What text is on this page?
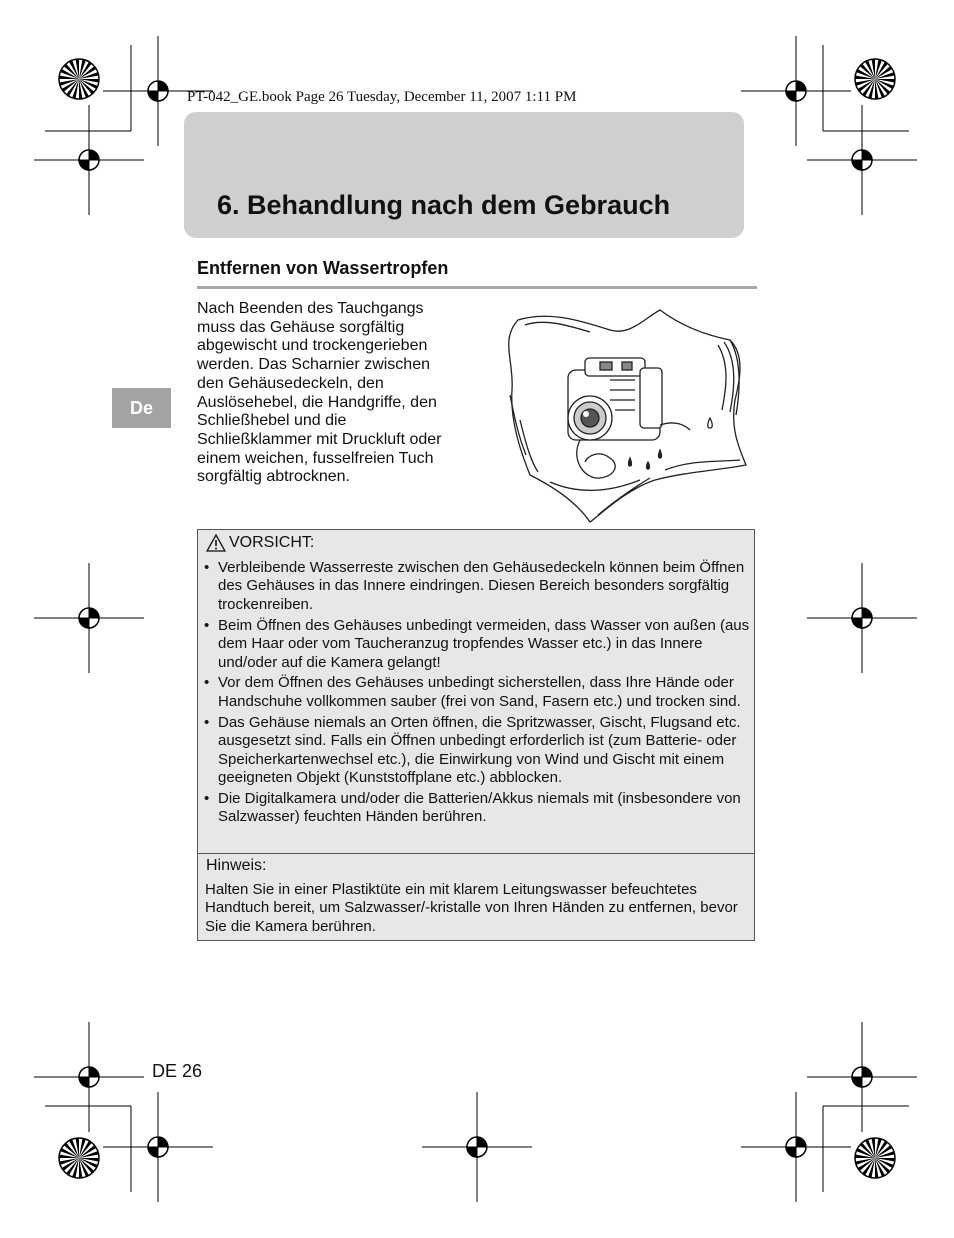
PT-042_GE.book Page 26 Tuesday, December 11, 2007 1:11 PM
6. Behandlung nach dem Gebrauch
Entfernen von Wassertropfen
De
Nach Beenden des Tauchgangs
muss das Gehäuse sorgfältig
abgewischt und trockengerieben
werden. Das Scharnier zwischen
den Gehäusedeckeln, den
Auslösehebel, die Handgriffe, den
Schließhebel und die
Schließklammer mit Druckluft oder
einem weichen, fusselfreien Tuch
sorgfältig abtrocknen.
VORSICHT:
• Verbleibende Wasserreste zwischen den Gehäusedeckeln können beim Öffnen des Gehäuses in das Innere eindringen. Diesen Bereich besonders sorgfältig trockenreiben.
• Beim Öffnen des Gehäuses unbedingt vermeiden, dass Wasser von außen (aus dem Haar oder vom Taucheranzug tropfendes Wasser etc.) in das Innere und/oder auf die Kamera gelangt!
• Vor dem Öffnen des Gehäuses unbedingt sicherstellen, dass Ihre Hände oder Handschuhe vollkommen sauber (frei von Sand, Fasern etc.) und trocken sind.
• Das Gehäuse niemals an Orten öffnen, die Spritzwasser, Gischt, Flugsand etc. ausgesetzt sind. Falls ein Öffnen unbedingt erforderlich ist (zum Batterie- oder Speicherkartenwechsel etc.), die Einwirkung von Wind und Gischt mit einem geeigneten Objekt (Kunststoffplane etc.) abblocken.
• Die Digitalkamera und/oder die Batterien/Akkus niemals mit (insbesondere von Salzwasser) feuchten Händen berühren.
Hinweis:

Halten Sie in einer Plastiktüte ein mit klarem Leitungswasser befeuchtetes Handtuch bereit, um Salzwasser/-kristalle von Ihren Händen zu entfernen, bevor Sie die Kamera berühren.

DE 26
